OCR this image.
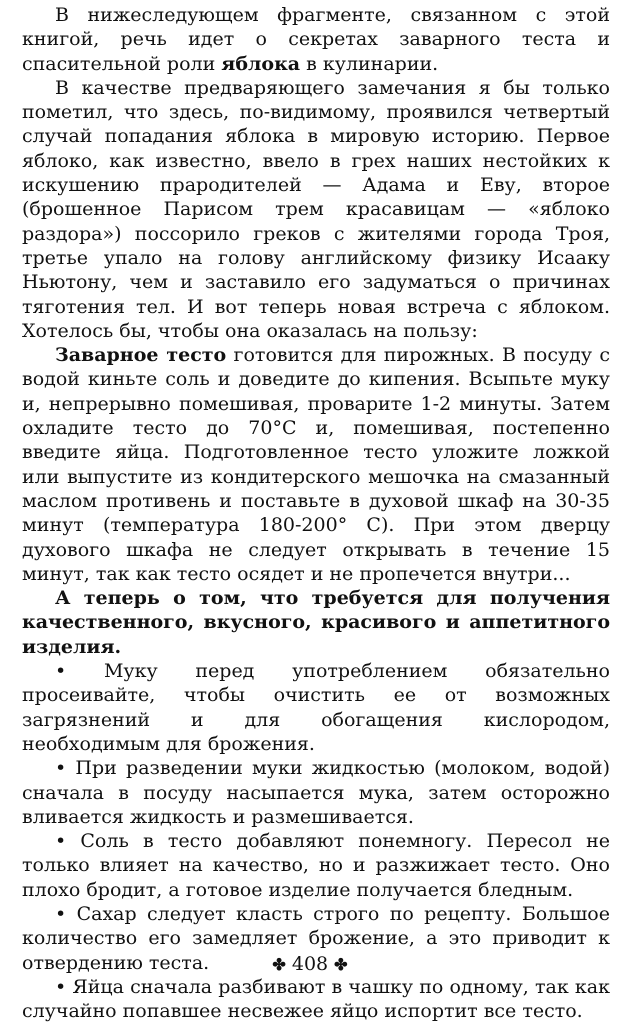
В нижеследующем фрагменте, связанном с этой книгой, речь идет о секретах заварного теста и спасительной роли яблока в кулинарии.

В качестве предваряющего замечания я бы только пометил, что здесь, по-видимому, проявился четвертый случай попадания яблока в мировую историю. Первое яблоко, как известно, ввело в грех наших нестойких к искушению прародителей — Адама и Еву, второе (брошенное Парисом трем красавицам — «яблоко раздора») поссорило греков с жителями города Троя, третье упало на голову английскому физику Исааку Ньютону, чем и заставило его задуматься о причинах тяготения тел. И вот теперь новая встреча с яблоком. Хотелось бы, чтобы она оказалась на пользу:

Заварное тесто готовится для пирожных. В посуду с водой киньте соль и доведите до кипения. Всыпьте муку и, непрерывно помешивая, проварите 1-2 минуты. Затем охладите тесто до 70°С и, помешивая, постепенно введите яйца. Подготовленное тесто уложите ложкой или выпустите из кондитерского мешочка на смазанный маслом противень и поставьте в духовой шкаф на 30-35 минут (температура 180-200° С). При этом дверцу духового шкафа не следует открывать в течение 15 минут, так как тесто осядет и не пропечется внутри...

А теперь о том, что требуется для получения качественного, вкусного, красивого и аппетитного изделия.

• Муку перед употреблением обязательно просеивайте, чтобы очистить ее от возможных загрязнений и для обогащения кислородом, необходимым для брожения.

• При разведении муки жидкостью (молоком, водой) сначала в посуду насыпается мука, затем осторожно вливается жидкость и размешивается.

• Соль в тесто добавляют понемногу. Пересол не только влияет на качество, но и разжижает тесто. Оно плохо бродит, а готовое изделие получается бледным.

• Сахар следует класть строго по рецепту. Большое количество его замедляет брожение, а это приводит к отвердению теста.

• Яйца сначала разбивают в чашку по одному, так как случайно попавшее несвежее яйцо испортит все тесто.

✤ 408 ✤
